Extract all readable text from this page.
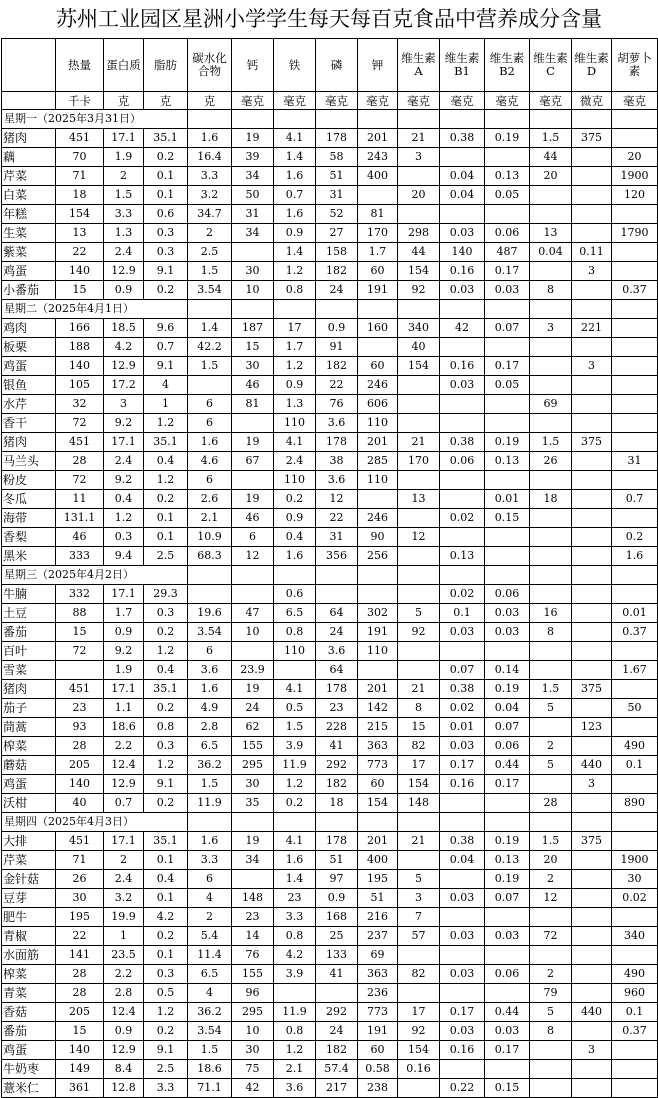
苏州工业园区星洲小学学生每天每百克食品中营养成分含量
	热量	蛋白质	脂肪	碳水化合物	钙	铁	磷	钾	维生素A	维生素B1	维生素B2	维生素C	维生素D	胡萝卜素
	千卡	克	克	克	毫克	毫克	毫克	毫克	毫克	毫克	毫克	毫克	微克	毫克
星期一（2025年3月31日）														
猪肉	451	17.1	35.1	1.6	19	4.1	178	201	21	0.38	0.19	1.5	375	
藕	70	1.9	0.2	16.4	39	1.4	58	243	3			44		20
芹菜	71	2	0.1	3.3	34	1.6	51	400		0.04	0.13	20		1900
白菜	18	1.5	0.1	3.2	50	0.7	31		20	0.04	0.05			120
年糕	154	3.3	0.6	34.7	31	1.6	52	81						
生菜	13	1.3	0.3	2	34	0.9	27	170	298	0.03	0.06	13		1790
紫菜	22	2.4	0.3	2.5		1.4	158	1.7	44	140	487	0.04	0.11	
鸡蛋	140	12.9	9.1	1.5	30	1.2	182	60	154	0.16	0.17		3	
小番茄	15	0.9	0.2	3.54	10	0.8	24	191	92	0.03	0.03	8		0.37
星期二（2025年4月1日）														
鸡肉	166	18.5	9.6	1.4	187	17	0.9	160	340	42	0.07	3	221	
板栗	188	4.2	0.7	42.2	15	1.7	91		40					
鸡蛋	140	12.9	9.1	1.5	30	1.2	182	60	154	0.16	0.17		3	
银鱼	105	17.2	4		46	0.9	22	246		0.03	0.05			
水芹	32	3	1	6	81	1.3	76	606				69		
香干	72	9.2	1.2	6		110	3.6	110						
猪肉	451	17.1	35.1	1.6	19	4.1	178	201	21	0.38	0.19	1.5	375	
马兰头	28	2.4	0.4	4.6	67	2.4	38	285	170	0.06	0.13	26		31
粉皮	72	9.2	1.2	6		110	3.6	110						
冬瓜	11	0.4	0.2	2.6	19	0.2	12		13		0.01	18		0.7
海带	131.1	1.2	0.1	2.1	46	0.9	22	246		0.02	0.15			
香梨	46	0.3	0.1	10.9	6	0.4	31	90	12					0.2
黑米	333	9.4	2.5	68.3	12	1.6	356	256		0.13				1.6
星期三（2025年4月2日）														
牛腩	332	17.1	29.3			0.6				0.02	0.06			
土豆	88	1.7	0.3	19.6	47	6.5	64	302	5	0.1	0.03	16		0.01
番茄	15	0.9	0.2	3.54	10	0.8	24	191	92	0.03	0.03	8		0.37
百叶	72	9.2	1.2	6		110	3.6	110						
雪菜		1.9	0.4	3.6	23.9		64			0.07	0.14			1.67
猪肉	451	17.1	35.1	1.6	19	4.1	178	201	21	0.38	0.19	1.5	375	
茄子	23	1.1	0.2	4.9	24	0.5	23	142	8	0.02	0.04	5		50
茼蒿	93	18.6	0.8	2.8	62	1.5	228	215	15	0.01	0.07		123	
榨菜	28	2.2	0.3	6.5	155	3.9	41	363	82	0.03	0.06	2		490
蘑菇	205	12.4	1.2	36.2	295	11.9	292	773	17	0.17	0.44	5	440	0.1
鸡蛋	140	12.9	9.1	1.5	30	1.2	182	60	154	0.16	0.17		3	
沃柑	40	0.7	0.2	11.9	35	0.2	18	154	148			28		890
星期四（2025年4月3日）														
大排	451	17.1	35.1	1.6	19	4.1	178	201	21	0.38	0.19	1.5	375	
芹菜	71	2	0.1	3.3	34	1.6	51	400		0.04	0.13	20		1900
金针菇	26	2.4	0.4	6		1.4	97	195	5		0.19	2		30
豆芽	30	3.2	0.1	4	148	23	0.9	51	3	0.03	0.07	12		0.02
肥牛	195	19.9	4.2	2	23	3.3	168	216	7					
青椒	22	1	0.2	5.4	14	0.8	25	237	57	0.03	0.03	72		340
水面筋	141	23.5	0.1	11.4	76	4.2	133	69						
榨菜	28	2.2	0.3	6.5	155	3.9	41	363	82	0.03	0.06	2		490
青菜	28	2.8	0.5	4	96			236				79		960
香菇	205	12.4	1.2	36.2	295	11.9	292	773	17	0.17	0.44	5	440	0.1
番茄	15	0.9	0.2	3.54	10	0.8	24	191	92	0.03	0.03	8		0.37
鸡蛋	140	12.9	9.1	1.5	30	1.2	182	60	154	0.16	0.17		3	
牛奶枣	149	8.4	2.5	18.6	75	2.1	57.4	0.58	0.16					
薏米仁	361	12.8	3.3	71.1	42	3.6	217	238		0.22	0.15			
